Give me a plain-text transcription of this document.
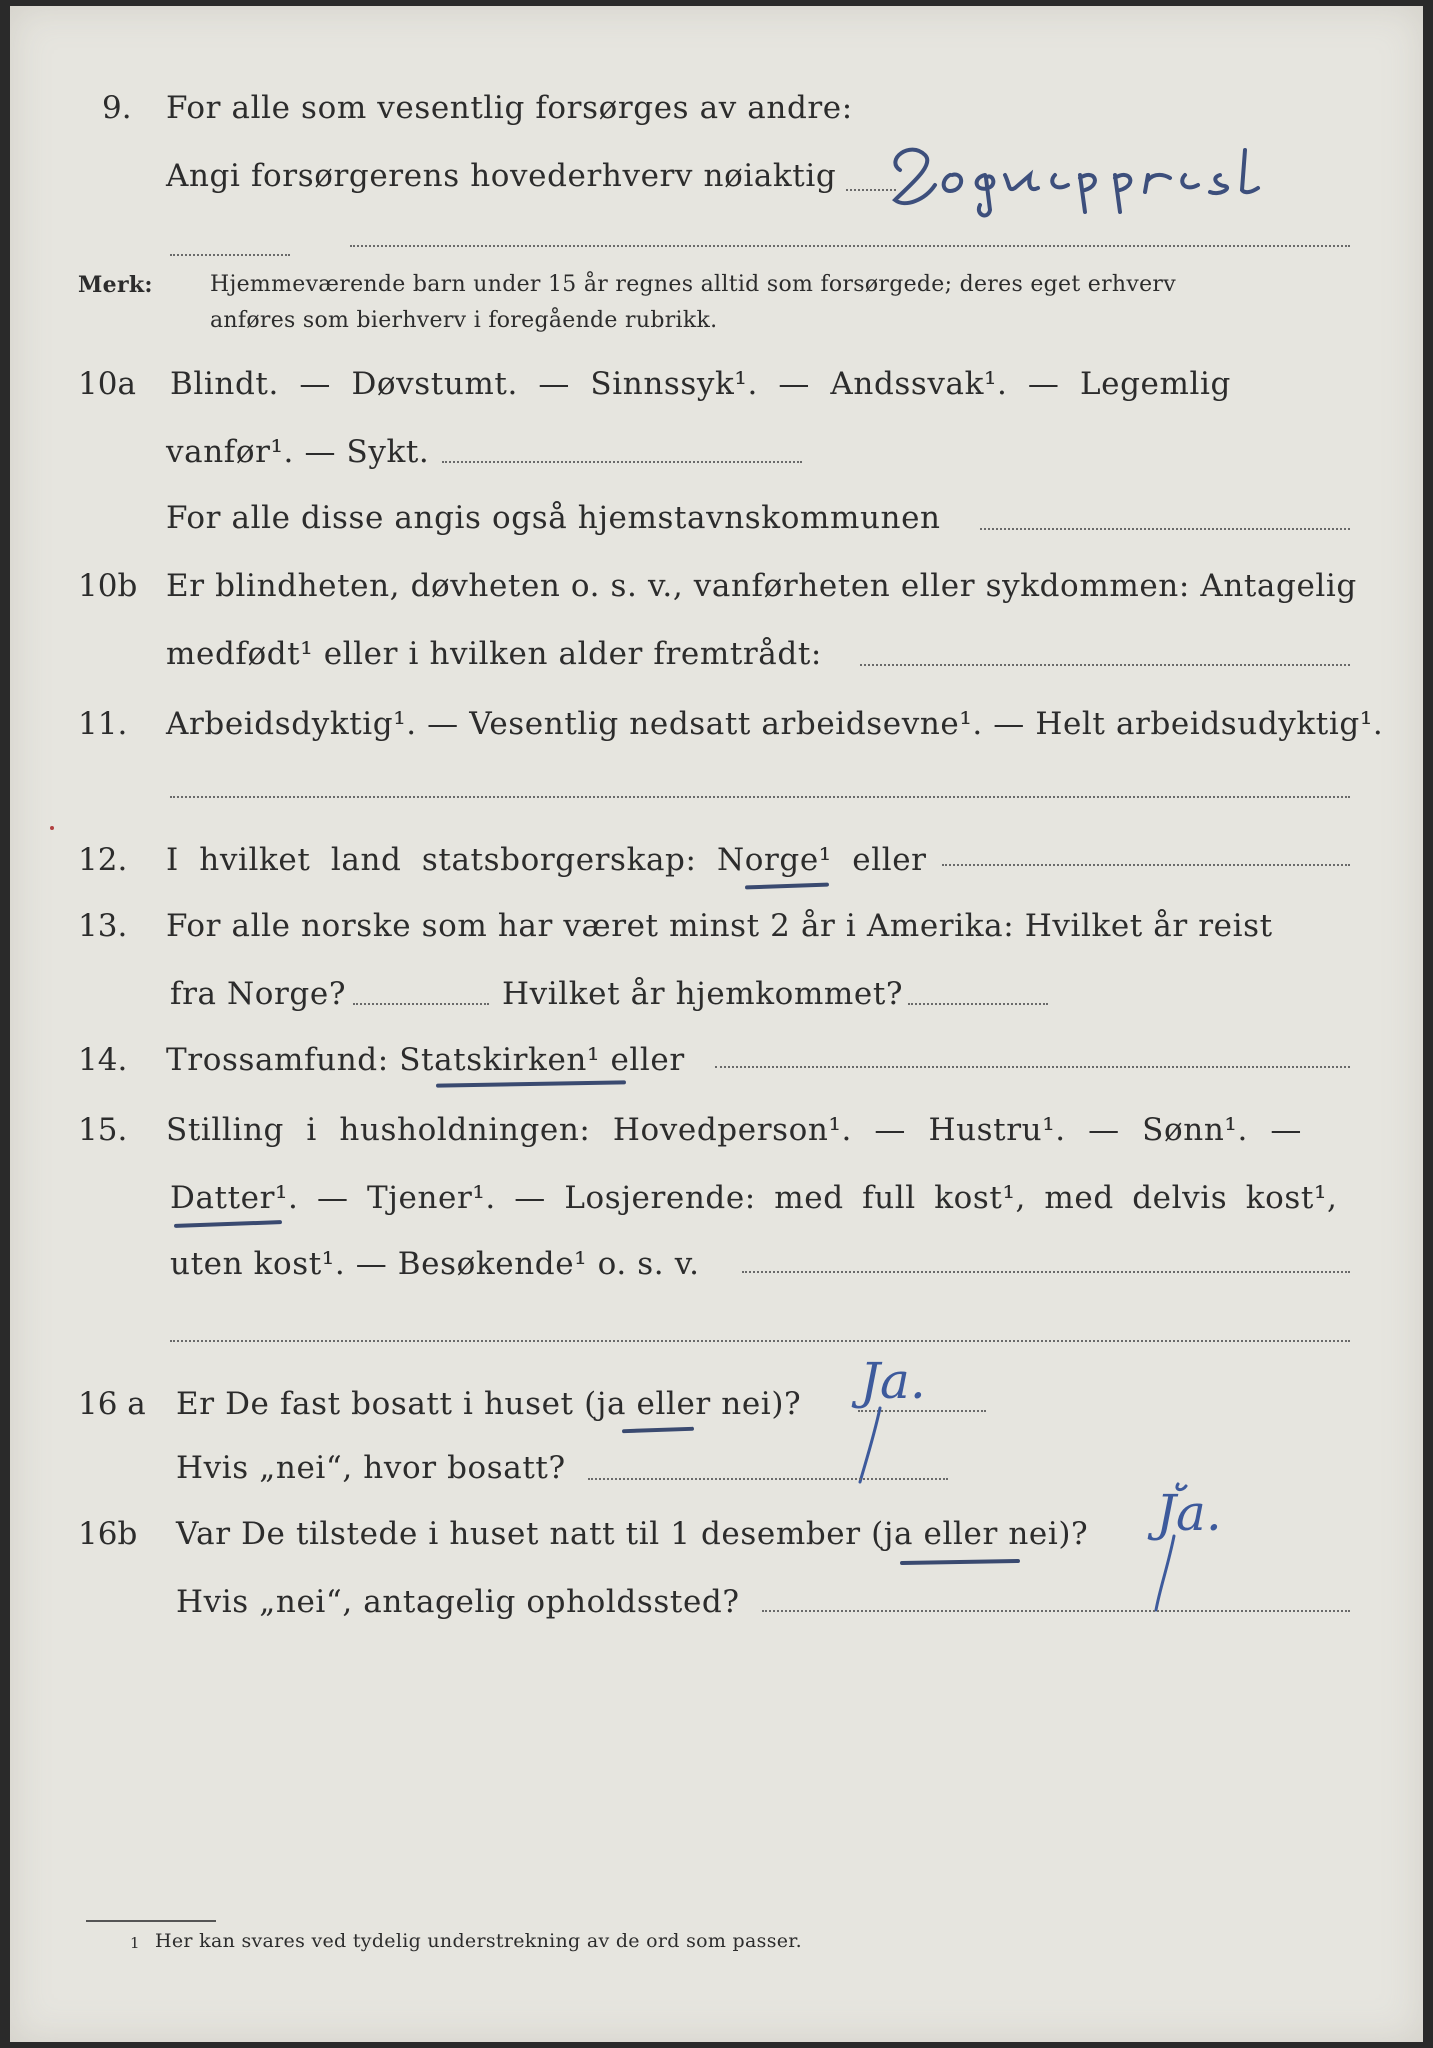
9. For alle som vesentlig forsørges av andre:
Angi forsørgerens hovederhverv nøiaktig
Sognepræst
Merk:	Hjemmeværende barn under 15 år regnes alltid som forsørgede; deres eget erhverv
anføres som bierhverv i foregående rubrikk.
10a Blindt. — Døvstumt. — Sinnssyk¹. — Andssvak¹. — Legemlig
vanfør¹. — Sykt.
For alle disse angis også hjemstavnskommunen
10b Er blindheten, døvheten o. s. v., vanførheten eller sykdommen: Antagelig
medfødt¹ eller i hvilken alder fremtrådt:
11. Arbeidsdyktig¹. — Vesentlig nedsatt arbeidsevne¹. — Helt arbeidsudyktig¹.
12. I hvilket land statsborgerskap: Norge¹ eller
13. For alle norske som har været minst 2 år i Amerika: Hvilket år reist
fra Norge?	Hvilket år hjemkommet?
14. Trossamfund: Statskirken¹ eller
15. Stilling i husholdningen: Hovedperson¹. — Hustru¹. — Sønn¹. —
Datter¹. — Tjener¹. — Losjerende: med full kost¹, med delvis kost¹,
uten kost¹. — Besøkende¹ o. s. v.
16 a Er De fast bosatt i huset (ja eller nei)? Ja.
Hvis „nei“, hvor bosatt?
16b Var De tilstede i huset natt til 1 desember (ja eller nei)? Ja.
Hvis „nei“, antagelig opholdssted?
1 Her kan svares ved tydelig understrekning av de ord som passer.
